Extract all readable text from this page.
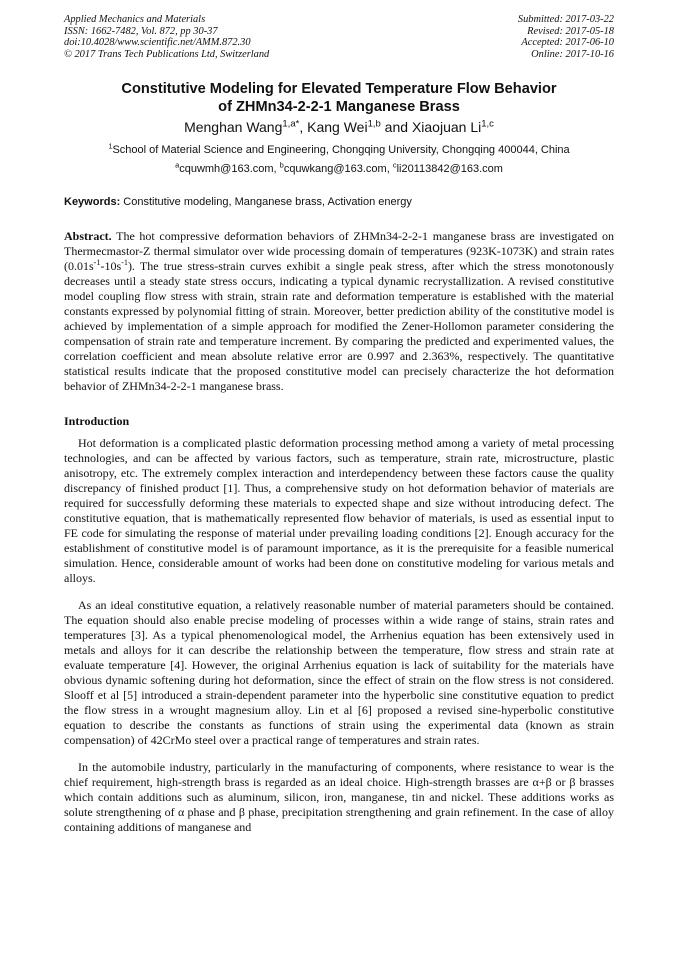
Applied Mechanics and Materials
ISSN: 1662-7482, Vol. 872, pp 30-37
doi:10.4028/www.scientific.net/AMM.872.30
© 2017 Trans Tech Publications Ltd, Switzerland
Submitted: 2017-03-22
Revised: 2017-05-18
Accepted: 2017-06-10
Online: 2017-10-16
Constitutive Modeling for Elevated Temperature Flow Behavior
of ZHMn34-2-2-1 Manganese Brass
Menghan Wang$^{1,a*}$, Kang Wei$^{1,b}$ and Xiaojuan Li$^{1,c}$
$^1$School of Material Science and Engineering, Chongqing University, Chongqing 400044, China
$^a$cquwmh@163.com, $^b$cquwkang@163.com, $^c$li20113842@163.com
Keywords: Constitutive modeling, Manganese brass, Activation energy
Abstract. The hot compressive deformation behaviors of ZHMn34-2-2-1 manganese brass are investigated on Thermecmastor-Z thermal simulator over wide processing domain of temperatures (923K-1073K) and strain rates $(0.01s^{-1}-10s^{-1})$. The true stress-strain curves exhibit a single peak stress, after which the stress monotonously decreases until a steady state stress occurs, indicating a typical dynamic recrystallization. A revised constitutive model coupling flow stress with strain, strain rate and deformation temperature is established with the material constants expressed by polynomial fitting of strain. Moreover, better prediction ability of the constitutive model is achieved by implementation of a simple approach for modified the Zener-Hollomon parameter considering the compensation of strain rate and temperature increment. By comparing the predicted and experimented values, the correlation coefficient and mean absolute relative error are 0.997 and 2.363%, respectively. The quantitative statistical results indicate that the proposed constitutive model can precisely characterize the hot deformation behavior of ZHMn34-2-2-1 manganese brass.
Introduction

Hot deformation is a complicated plastic deformation processing method among a variety of metal processing technologies, and can be affected by various factors, such as temperature, strain rate, microstructure, plastic anisotropy, etc. The extremely complex interaction and interdependency between these factors cause the quality discrepancy of finished product [1]. Thus, a comprehensive study on hot deformation behavior of materials are required for successfully deforming these materials to expected shape and size without introducing defect. The constitutive equation, that is mathematically represented flow behavior of materials, is used as essential input to FE code for simulating the response of material under prevailing loading conditions [2]. Enough accuracy for the establishment of constitutive model is of paramount importance, as it is the prerequisite for a feasible numerical simulation. Hence, considerable amount of works had been done on constitutive modeling for various metals and alloys.

As an ideal constitutive equation, a relatively reasonable number of material parameters should be contained. The equation should also enable precise modeling of processes within a wide range of stains, strain rates and temperatures [3]. As a typical phenomenological model, the Arrhenius equation has been extensively used in metals and alloys for it can describe the relationship between the temperature, flow stress and strain rate at evaluate temperature [4]. However, the original Arrhenius equation is lack of suitability for the materials have obvious dynamic softening during hot deformation, since the effect of strain on the flow stress is not considered. Slooff et al [5] introduced a strain-dependent parameter into the hyperbolic sine constitutive equation to predict the flow stress in a wrought magnesium alloy. Lin et al [6] proposed a revised sine-hyperbolic constitutive equation to describe the constants as functions of strain using the experimental data (known as strain compensation) of 42CrMo steel over a practical range of temperatures and strain rates.

In the automobile industry, particularly in the manufacturing of components, where resistance to wear is the chief requirement, high-strength brass is regarded as an ideal choice. High-strength brasses are α+β or β brasses which contain additions such as aluminum, silicon, iron, manganese, tin and nickel. These additions works as solute strengthening of α phase and β phase, precipitation strengthening and grain refinement. In the case of alloy containing additions of manganese and
